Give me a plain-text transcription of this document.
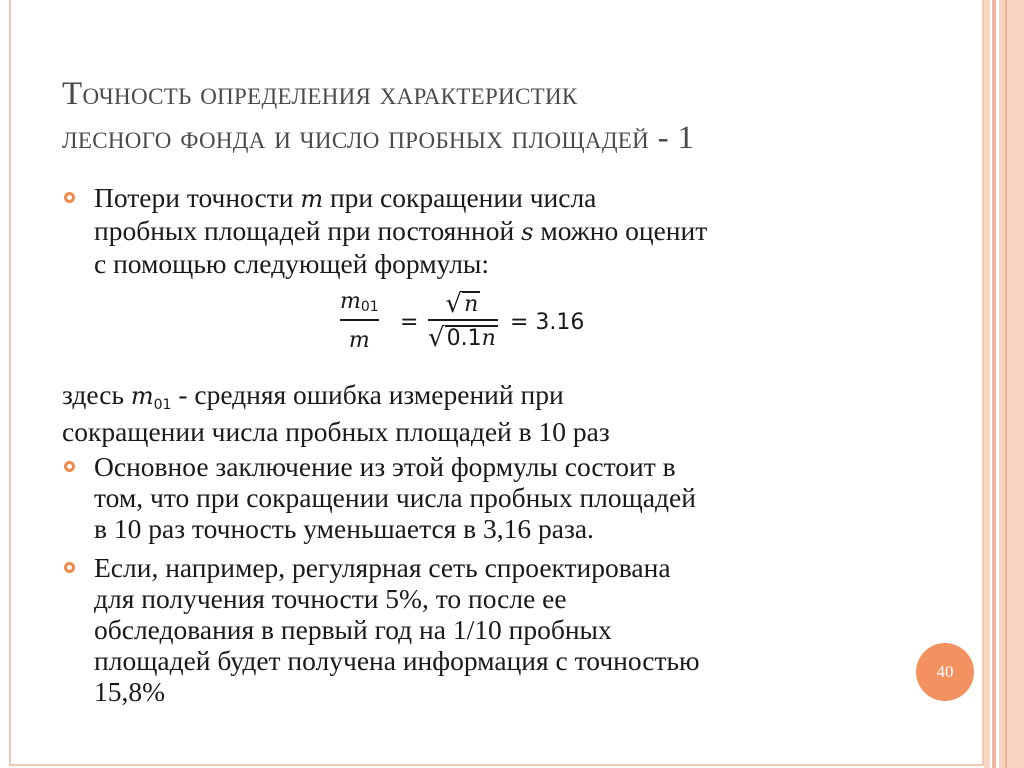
Точность определения характеристик
лесного фонда и число пробных площадей - 1

Потери точности m при сокращении числа
пробных площадей при постоянной s можно оценит
с помощью следующей формулы:

m 01
m
=
√ n
√ 0.1n
= 3.16

здесь m01 - средняя ошибка измерений при
сокращении числа пробных площадей в 10 раз

Основное заключение из этой формулы состоит в
том, что при сокращении числа пробных площадей
в 10 раз точность уменьшается в 3,16 раза.

Если, например, регулярная сеть спроектирована
для получения точности 5%, то после ее
обследования в первый год на 1/10 пробных
площадей будет получена информация с точностью
15,8%

40
